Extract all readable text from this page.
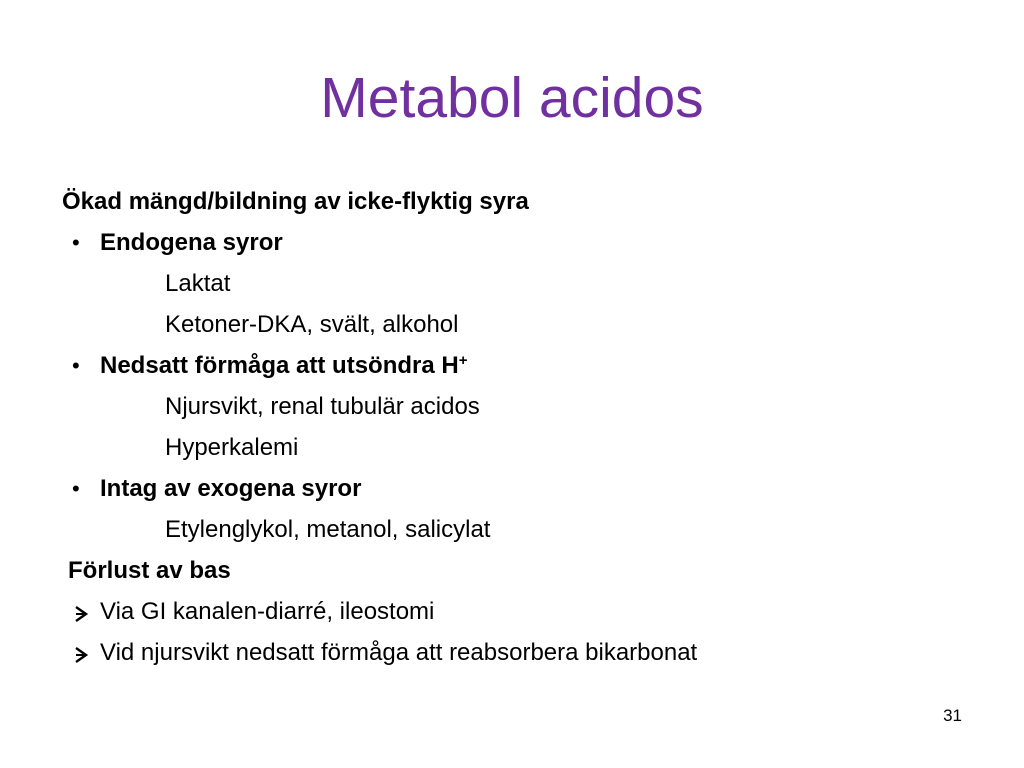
Metabol acidos
Ökad mängd/bildning av icke-flyktig syra
• Endogena syror
Laktat
Ketoner-DKA, svält, alkohol
• Nedsatt förmåga att utsöndra H+
Njursvikt, renal tubulär acidos
Hyperkalemi
• Intag av exogena syror
Etylenglykol, metanol, salicylat
Förlust av bas
Via GI kanalen-diarré, ileostomi
Vid njursvikt nedsatt förmåga att reabsorbera bikarbonat
31
